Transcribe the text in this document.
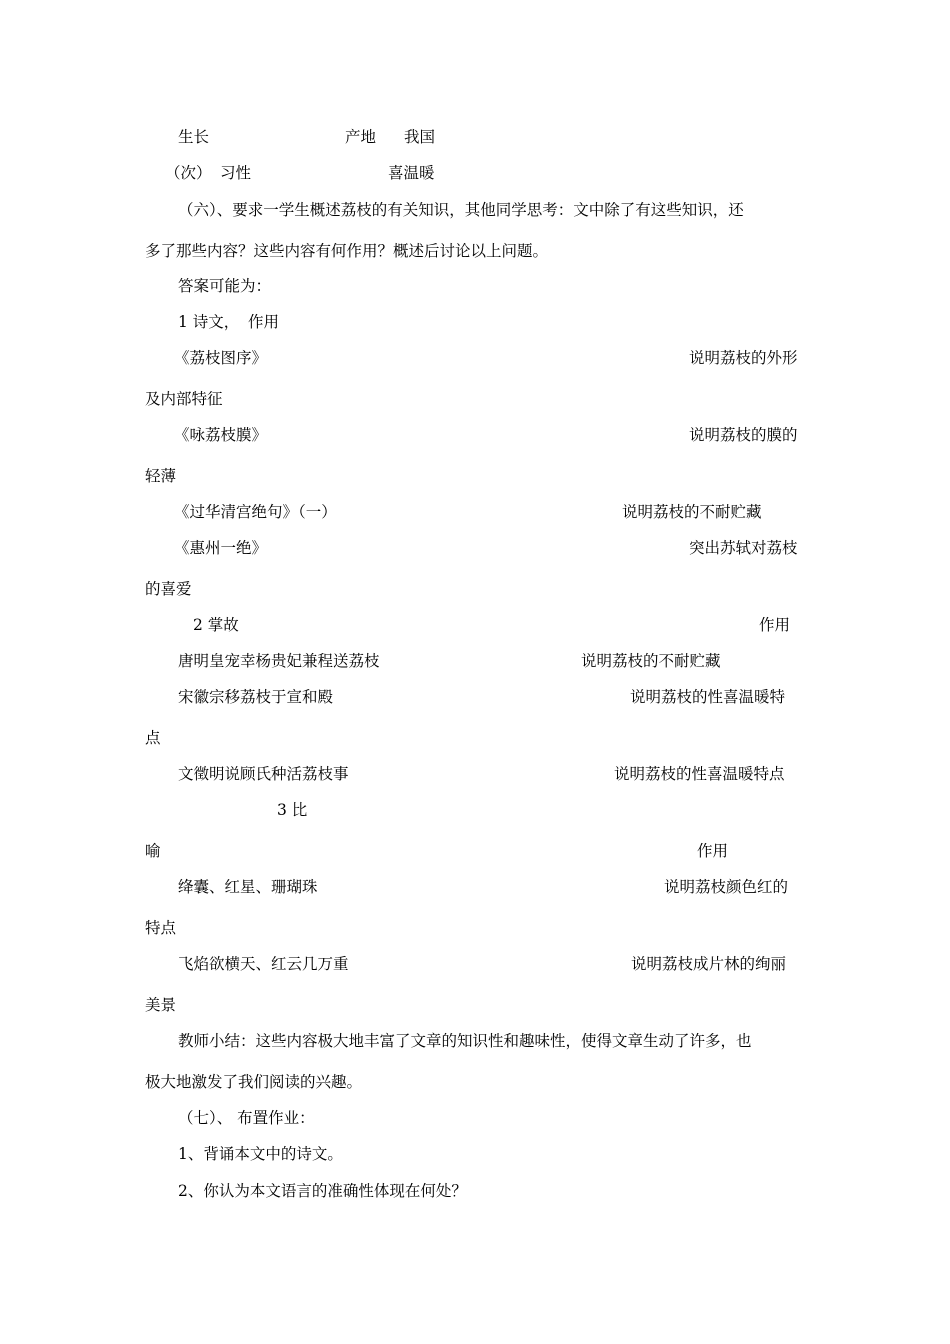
生长	产地 我国
（次） 习性	喜温暖
（六）、要求一学生概述荔枝的有关知识，其他同学思考：文中除了有这些知识，还
多了那些内容？这些内容有何作用？概述后讨论以上问题。
答案可能为：
1 诗文， 作用
《荔枝图序》	说明荔枝的外形
及内部特征
《咏荔枝膜》	说明荔枝的膜的
轻薄
《过华清宫绝句》（一）	说明荔枝的不耐贮藏
《惠州一绝》	突出苏轼对荔枝
的喜爱
2 掌故	作用
唐明皇宠幸杨贵妃兼程送荔枝	说明荔枝的不耐贮藏
宋徽宗移荔枝于宣和殿	说明荔枝的性喜温暖特
点
文徵明说顾氏种活荔枝事	说明荔枝的性喜温暖特点
3 比
喻	作用
绛囊、红星、珊瑚珠	说明荔枝颜色红的
特点
飞焰欲横天、红云几万重	说明荔枝成片林的绚丽
美景
教师小结：这些内容极大地丰富了文章的知识性和趣味性，使得文章生动了许多，也
极大地激发了我们阅读的兴趣。
（七）、 布置作业：
1、背诵本文中的诗文。
2、你认为本文语言的准确性体现在何处？
